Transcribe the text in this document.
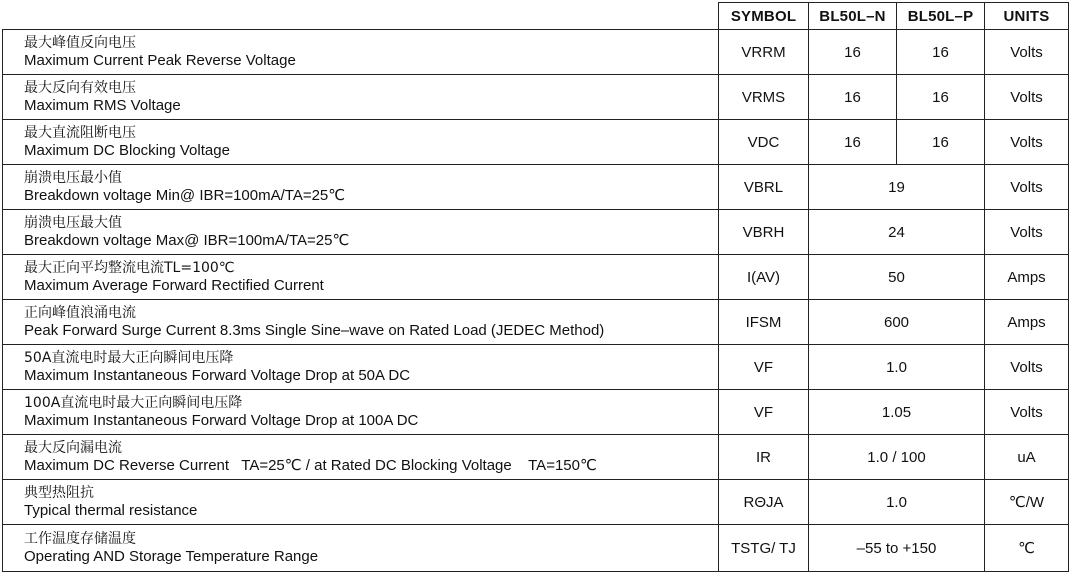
	SYMBOL	BL50L–N	BL50L–P	UNITS

最大峰值反向电压
Maximum Current Peak Reverse Voltage	VRRM	16	16	Volts

最大反向有效电压
Maximum RMS Voltage	VRMS	16	16	Volts

最大直流阻断电压
Maximum DC Blocking Voltage	VDC	16	16	Volts

崩溃电压最小值
Breakdown voltage Min@ IBR=100mA/TA=25℃	VBRL	19		Volts

崩溃电压最大值
Breakdown voltage Max@ IBR=100mA/TA=25℃	VBRH	24		Volts

最大正向平均整流电流TL=100℃
Maximum Average Forward Rectified Current	I(AV)	50		Amps

正向峰值浪涌电流
Peak Forward Surge Current 8.3ms Single Sine–wave on Rated Load (JEDEC Method)	IFSM	600		Amps

50A直流电时最大正向瞬间电压降
Maximum Instantaneous Forward Voltage Drop at 50A DC	VF	1.0		Volts

100A直流电时最大正向瞬间电压降
Maximum Instantaneous Forward Voltage Drop at 100A DC	VF	1.05		Volts

最大反向漏电流
Maximum DC Reverse Current   TA=25℃ / at Rated DC Blocking Voltage    TA=150℃	IR	1.0 / 100		uA

典型热阻抗
Typical thermal resistance	RΘJA	1.0		℃/W

工作温度存储温度
Operating AND Storage Temperature Range	TSTG/ TJ	–55 to +150		℃
